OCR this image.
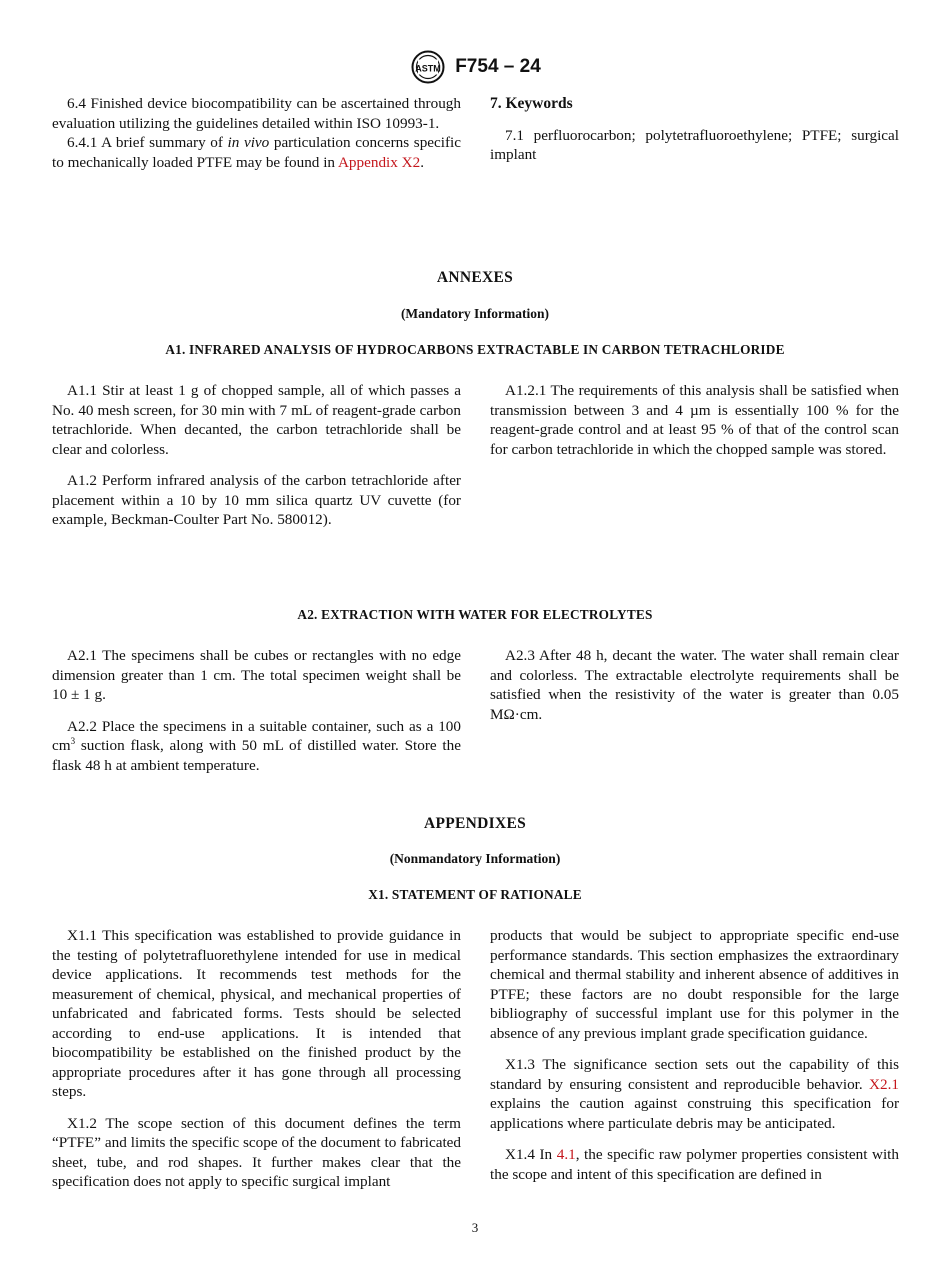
ASTM F754 – 24

6.4 Finished device biocompatibility can be ascertained through evaluation utilizing the guidelines detailed within ISO 10993-1.

6.4.1 A brief summary of in vivo particulation concerns specific to mechanically loaded PTFE may be found in Appendix X2.

7. Keywords

7.1 perfluorocarbon; polytetrafluoroethylene; PTFE; surgical implant

ANNEXES
(Mandatory Information)
A1. INFRARED ANALYSIS OF HYDROCARBONS EXTRACTABLE IN CARBON TETRACHLORIDE

A1.1 Stir at least 1 g of chopped sample, all of which passes a No. 40 mesh screen, for 30 min with 7 mL of reagent-grade carbon tetrachloride. When decanted, the carbon tetrachloride shall be clear and colorless.

A1.2 Perform infrared analysis of the carbon tetrachloride after placement within a 10 by 10 mm silica quartz UV cuvette (for example, Beckman-Coulter Part No. 580012).

A1.2.1 The requirements of this analysis shall be satisfied when transmission between 3 and 4 µm is essentially 100 % for the reagent-grade control and at least 95 % of that of the control scan for carbon tetrachloride in which the chopped sample was stored.

A2. EXTRACTION WITH WATER FOR ELECTROLYTES

A2.1 The specimens shall be cubes or rectangles with no edge dimension greater than 1 cm. The total specimen weight shall be 10 ± 1 g.

A2.2 Place the specimens in a suitable container, such as a 100 $cm^3$ suction flask, along with 50 mL of distilled water. Store the flask 48 h at ambient temperature.

A2.3 After 48 h, decant the water. The water shall remain clear and colorless. The extractable electrolyte requirements shall be satisfied when the resistivity of the water is greater than 0.05 MΩ·cm.

APPENDIXES
(Nonmandatory Information)
X1. STATEMENT OF RATIONALE

X1.1 This specification was established to provide guidance in the testing of polytetrafluorethylene intended for use in medical device applications. It recommends test methods for the measurement of chemical, physical, and mechanical properties of unfabricated and fabricated forms. Tests should be selected according to end-use applications. It is intended that biocompatibility be established on the finished product by the appropriate procedures after it has gone through all processing steps.

X1.2 The scope section of this document defines the term “PTFE” and limits the specific scope of the document to fabricated sheet, tube, and rod shapes. It further makes clear that the specification does not apply to specific surgical implant

products that would be subject to appropriate specific end-use performance standards. This section emphasizes the extraordinary chemical and thermal stability and inherent absence of additives in PTFE; these factors are no doubt responsible for the large bibliography of successful implant use for this polymer in the absence of any previous implant grade specification guidance.

X1.3 The significance section sets out the capability of this standard by ensuring consistent and reproducible behavior. X2.1 explains the caution against construing this specification for applications where particulate debris may be anticipated.

X1.4 In 4.1, the specific raw polymer properties consistent with the scope and intent of this specification are defined in

3
